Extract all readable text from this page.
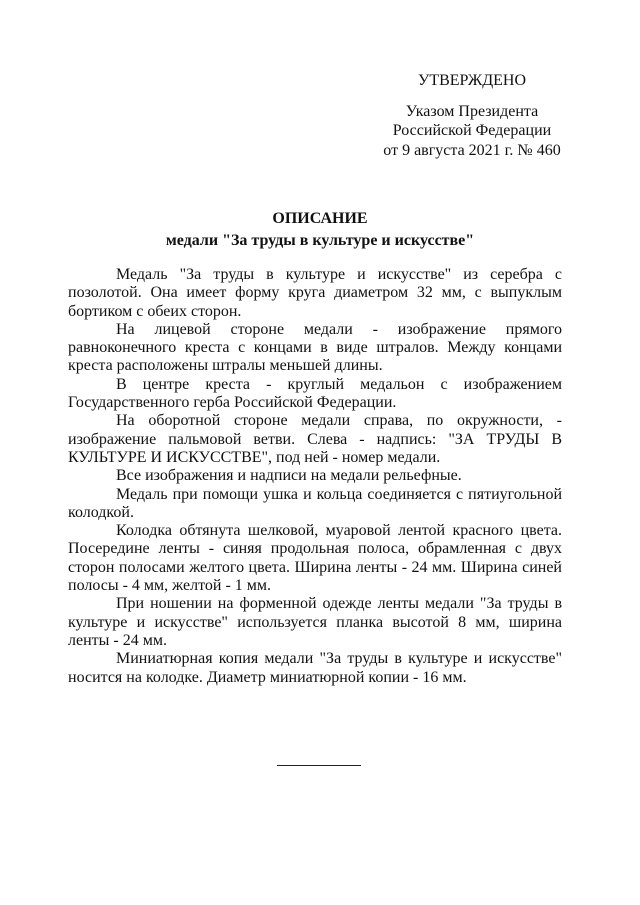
УТВЕРЖДЕНО
Указом Президента
Российской Федерации
от 9 августа 2021 г. № 460
ОПИСАНИЕ
медали "За труды в культуре и искусстве"

Медаль "За труды в культуре и искусстве" из серебра с позолотой. Она имеет форму круга диаметром 32 мм, с выпуклым бортиком с обеих сторон.

На лицевой стороне медали - изображение прямого равноконечного креста с концами в виде штралов. Между концами креста расположены штралы меньшей длины.

В центре креста - круглый медальон с изображением Государственного герба Российской Федерации.

На оборотной стороне медали справа, по окружности, - изображение пальмовой ветви. Слева - надпись: "ЗА ТРУДЫ В КУЛЬТУРЕ И ИСКУССТВЕ", под ней - номер медали.

Все изображения и надписи на медали рельефные.

Медаль при помощи ушка и кольца соединяется с пятиугольной колодкой.

Колодка обтянута шелковой, муаровой лентой красного цвета. Посередине ленты - синяя продольная полоса, обрамленная с двух сторон полосами желтого цвета. Ширина ленты - 24 мм. Ширина синей полосы - 4 мм, желтой - 1 мм.

При ношении на форменной одежде ленты медали "За труды в культуре и искусстве" используется планка высотой 8 мм, ширина ленты - 24 мм.

Миниатюрная копия медали "За труды в культуре и искусстве" носится на колодке. Диаметр миниатюрной копии - 16 мм.
